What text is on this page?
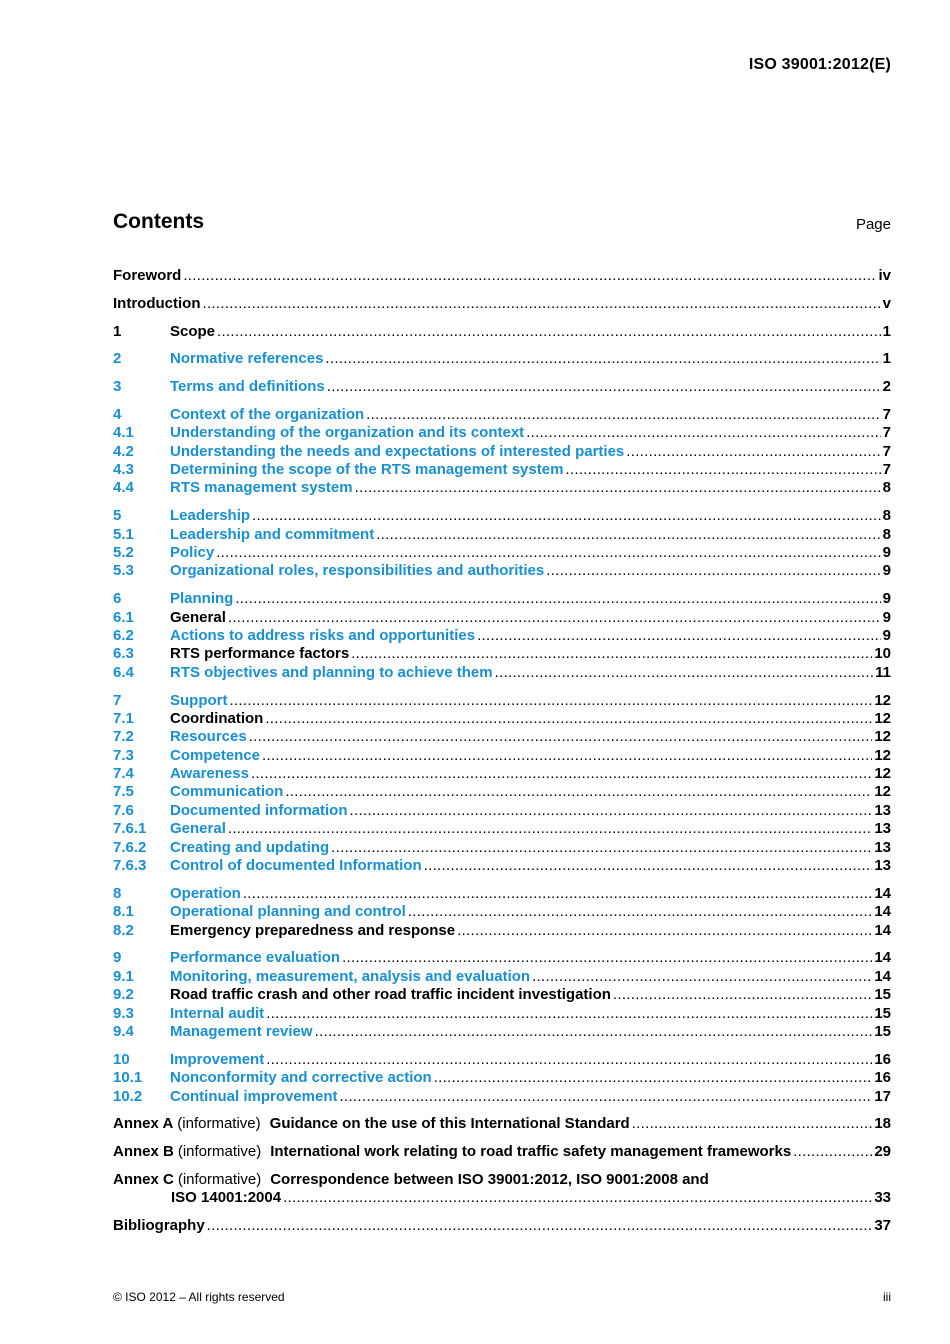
ISO 39001:2012(E)
Contents	Page
Foreword .....	iv
Introduction .....	v
1	Scope .....	1
2	Normative references .....	1
3	Terms and definitions .....	2
4	Context of the organization .....	7
4.1	Understanding of the organization and its context .....	7
4.2	Understanding the needs and expectations of interested parties .....	7
4.3	Determining the scope of the RTS management system .....	7
4.4	RTS management system .....	8
5	Leadership .....	8
5.1	Leadership and commitment .....	8
5.2	Policy .....	9
5.3	Organizational roles, responsibilities and authorities .....	9
6	Planning .....	9
6.1	General .....	9
6.2	Actions to address risks and opportunities .....	9
6.3	RTS performance factors .....	10
6.4	RTS objectives and planning to achieve them .....	11
7	Support .....	12
7.1	Coordination .....	12
7.2	Resources .....	12
7.3	Competence .....	12
7.4	Awareness .....	12
7.5	Communication .....	12
7.6	Documented information .....	13
7.6.1	General .....	13
7.6.2	Creating and updating .....	13
7.6.3	Control of documented Information .....	13
8	Operation .....	14
8.1	Operational planning and control .....	14
8.2	Emergency preparedness and response .....	14
9	Performance evaluation .....	14
9.1	Monitoring, measurement, analysis and evaluation .....	14
9.2	Road traffic crash and other road traffic incident investigation .....	15
9.3	Internal audit .....	15
9.4	Management review .....	15
10	Improvement .....	16
10.1	Nonconformity and corrective action .....	16
10.2	Continual improvement .....	17
Annex A (informative) Guidance on the use of this International Standard .....	18
Annex B (informative) International work relating to road traffic safety management frameworks .....	29
Annex C (informative) Correspondence between ISO 39001:2012, ISO 9001:2008 and
ISO 14001:2004 .....	33
Bibliography .....	37
© ISO 2012 – All rights reserved	iii
